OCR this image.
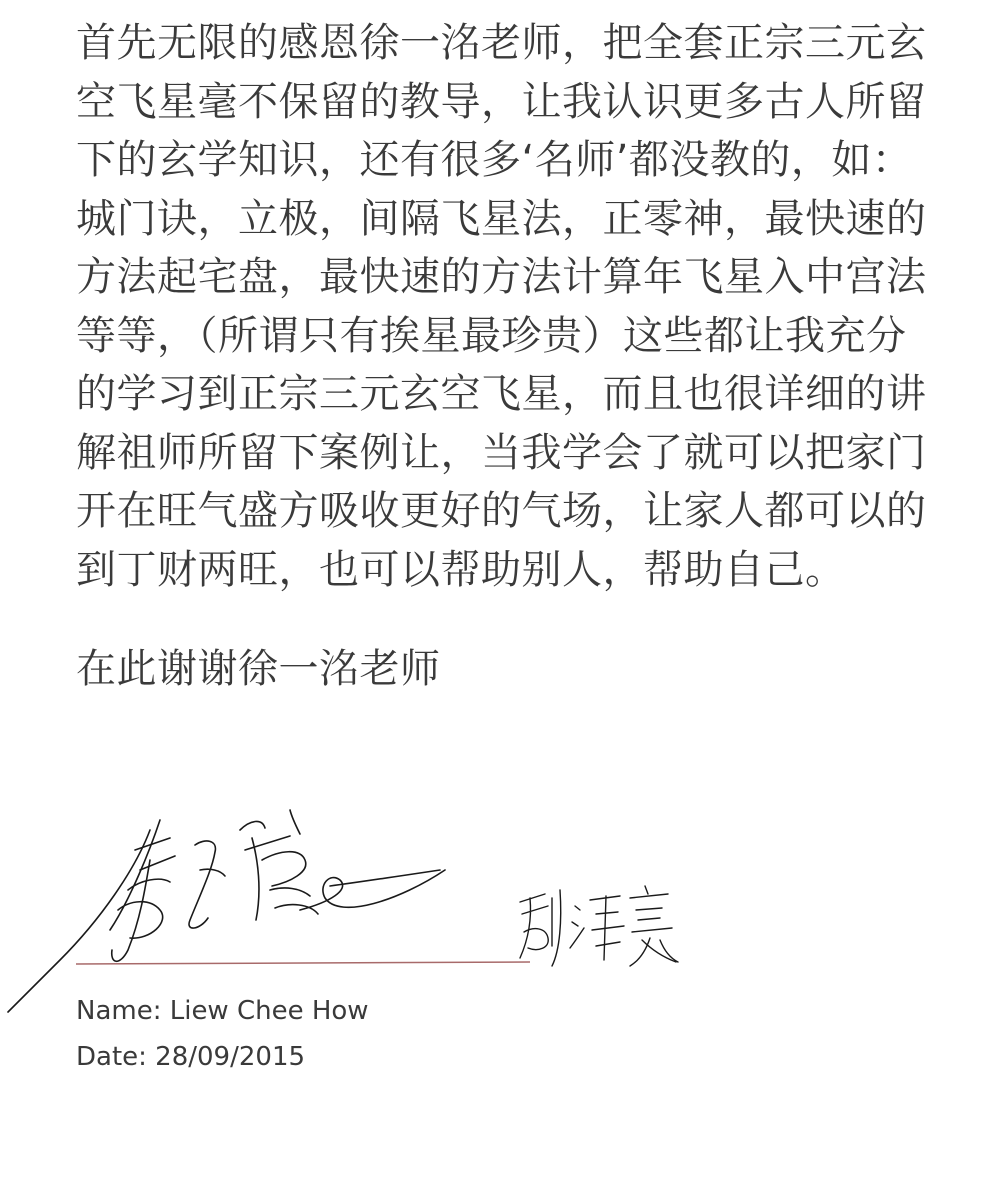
首先无限的感恩徐一洺老师，把全套正宗三元玄
空飞星毫不保留的教导，让我认识更多古人所留
下的玄学知识，还有很多‘名师’都没教的，如：
城门诀，立极，间隔飞星法，正零神，最快速的
方法起宅盘，最快速的方法计算年飞星入中宫法
等等，（所谓只有挨星最珍贵）这些都让我充分
的学习到正宗三元玄空飞星，而且也很详细的讲
解祖师所留下案例让，当我学会了就可以把家门
开在旺气盛方吸收更好的气场，让家人都可以的
到丁财两旺，也可以帮助别人，帮助自己。
在此谢谢徐一洺老师
Name: Liew Chee How
Date: 28/09/2015
